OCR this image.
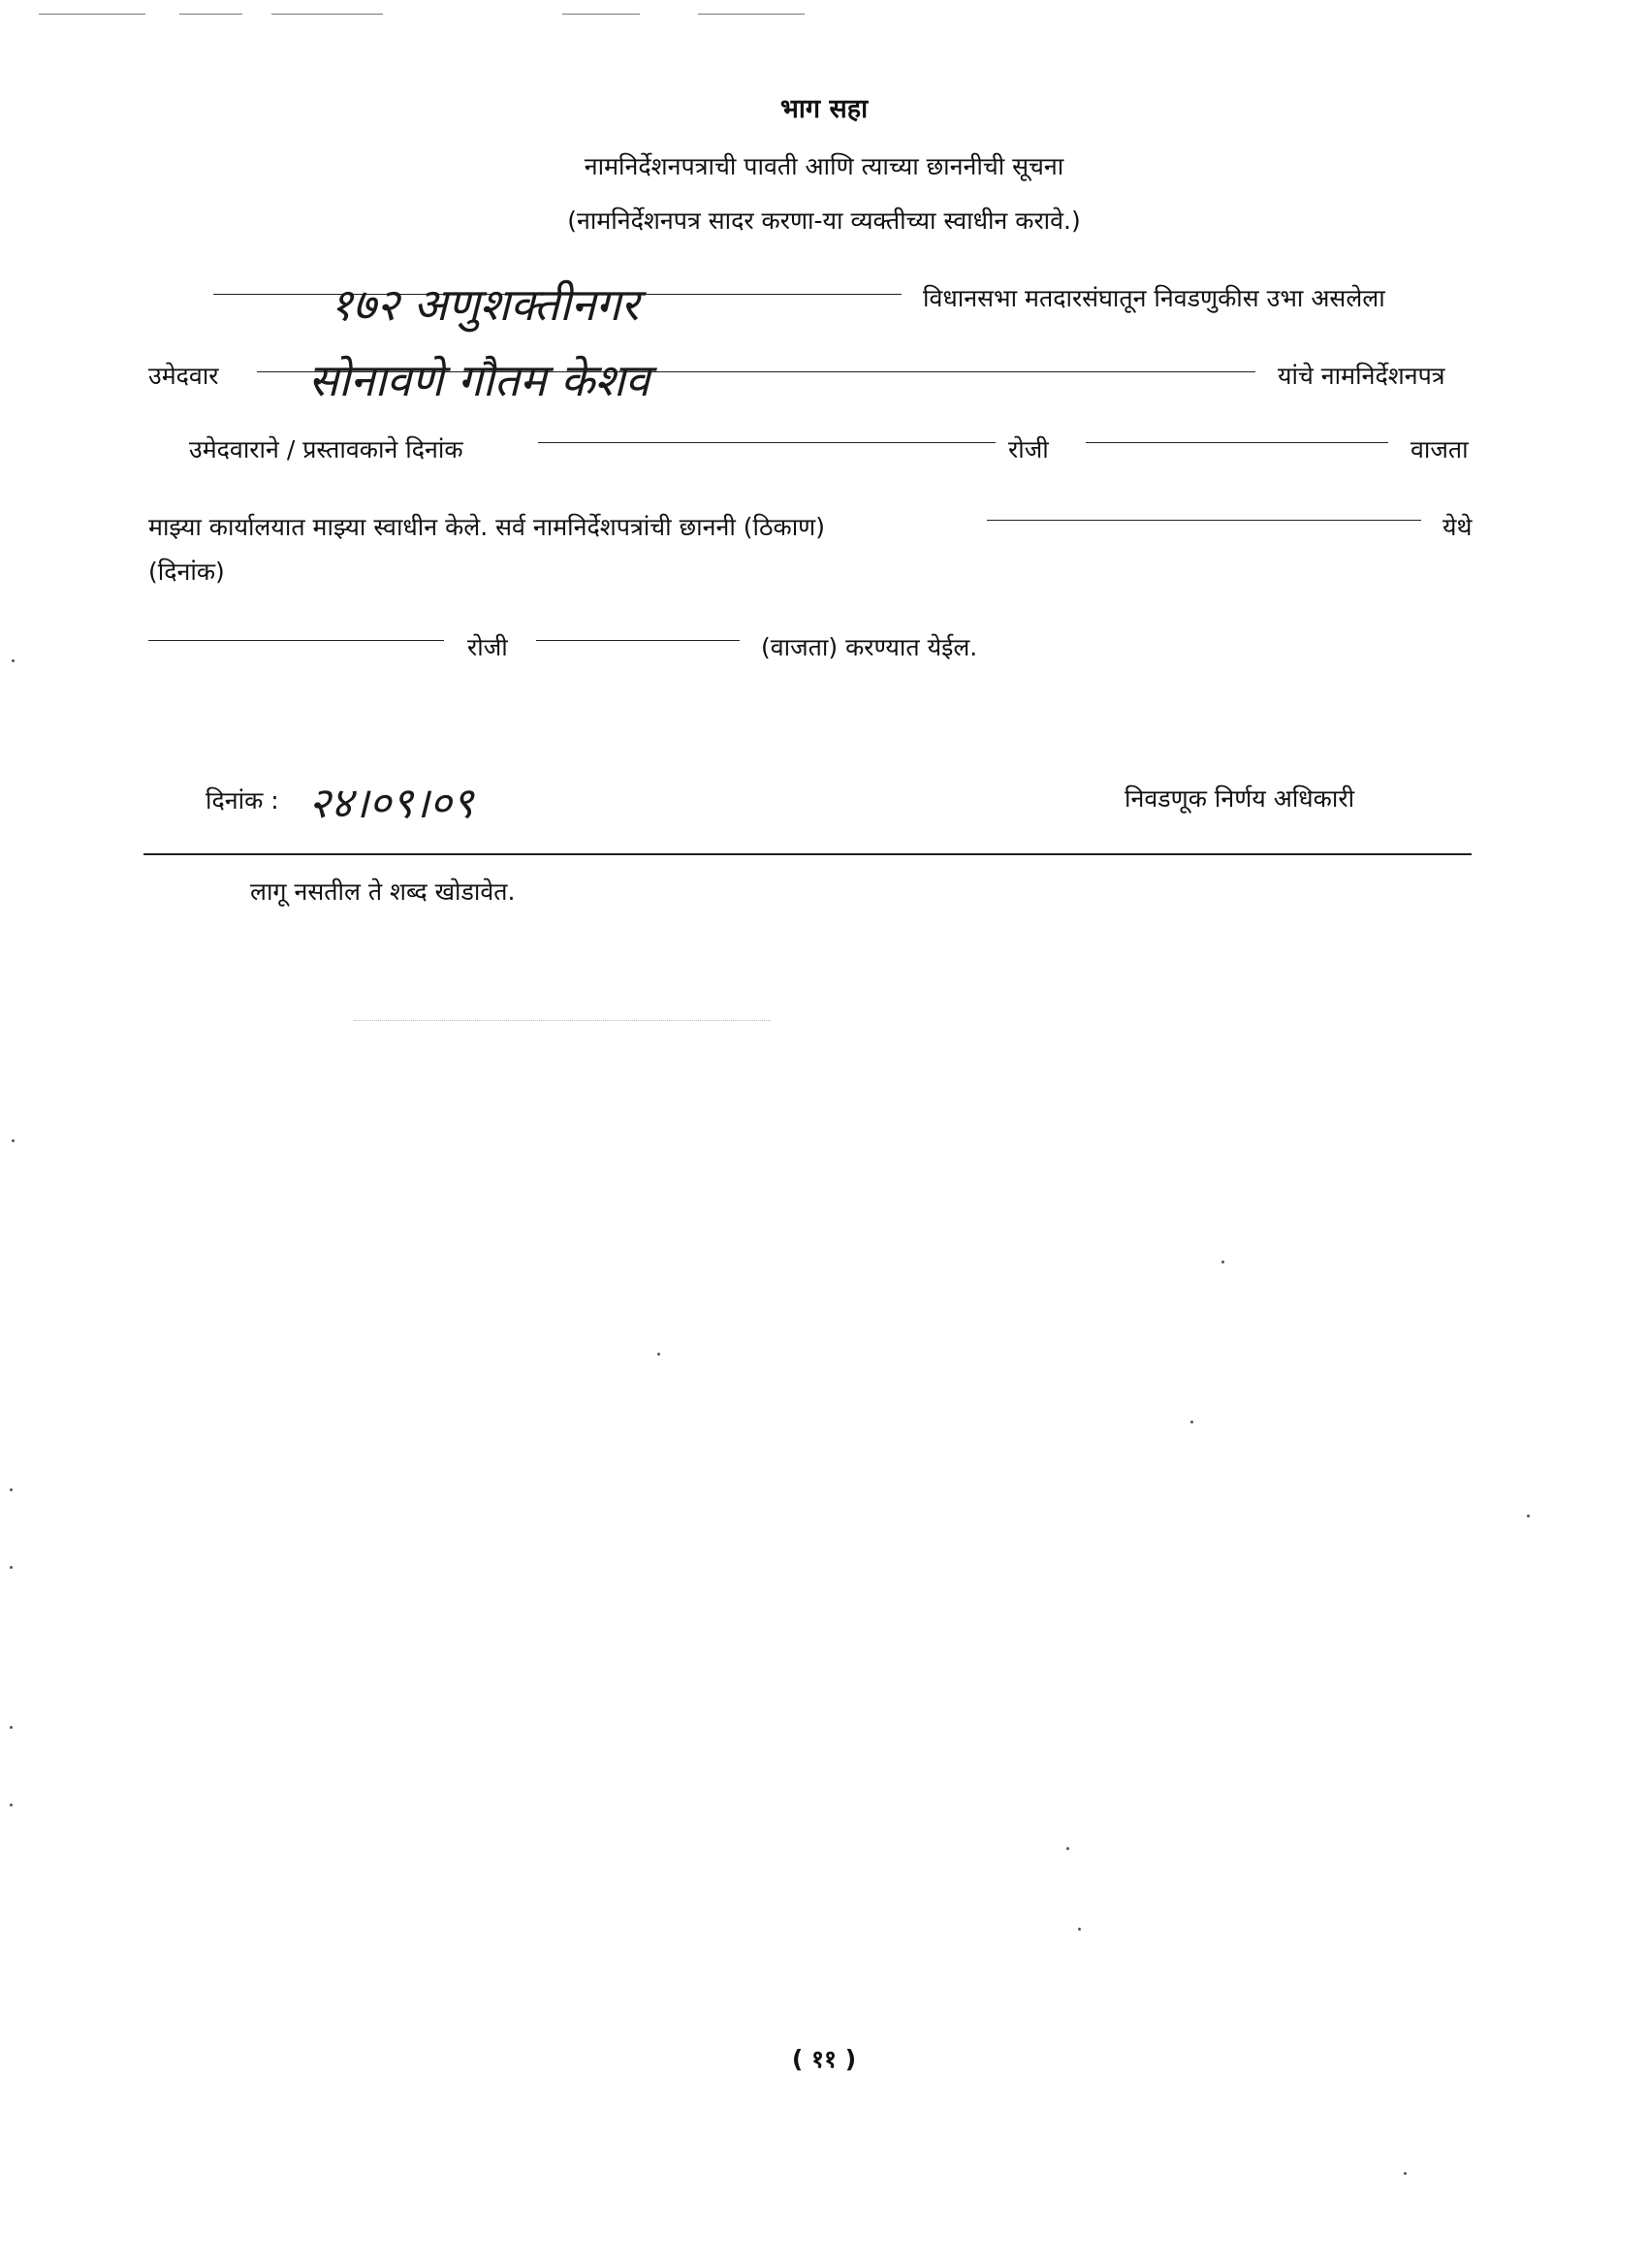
भाग सहा
नामनिर्देशनपत्राची पावती आणि त्याच्या छाननीची सूचना
(नामनिर्देशनपत्र सादर करणा-या व्यक्तीच्या स्वाधीन करावे.)
१७२ अणुशक्तीनगर	विधानसभा मतदारसंघातून निवडणुकीस उभा असलेला
उमेदवार सोनावणे गौतम केशव	यांचे नामनिर्देशनपत्र
उमेदवाराने / प्रस्तावकाने दिनांक	रोजी	वाजता
माझ्या कार्यालयात माझ्या स्वाधीन केले. सर्व नामनिर्देशपत्रांची छाननी (ठिकाण)	येथे
(दिनांक)
रोजी	(वाजता) करण्यात येईल.
दिनांक : २४।०९।०९	निवडणूक निर्णय अधिकारी
लागू नसतील ते शब्द खोडावेत.
( ११ )
